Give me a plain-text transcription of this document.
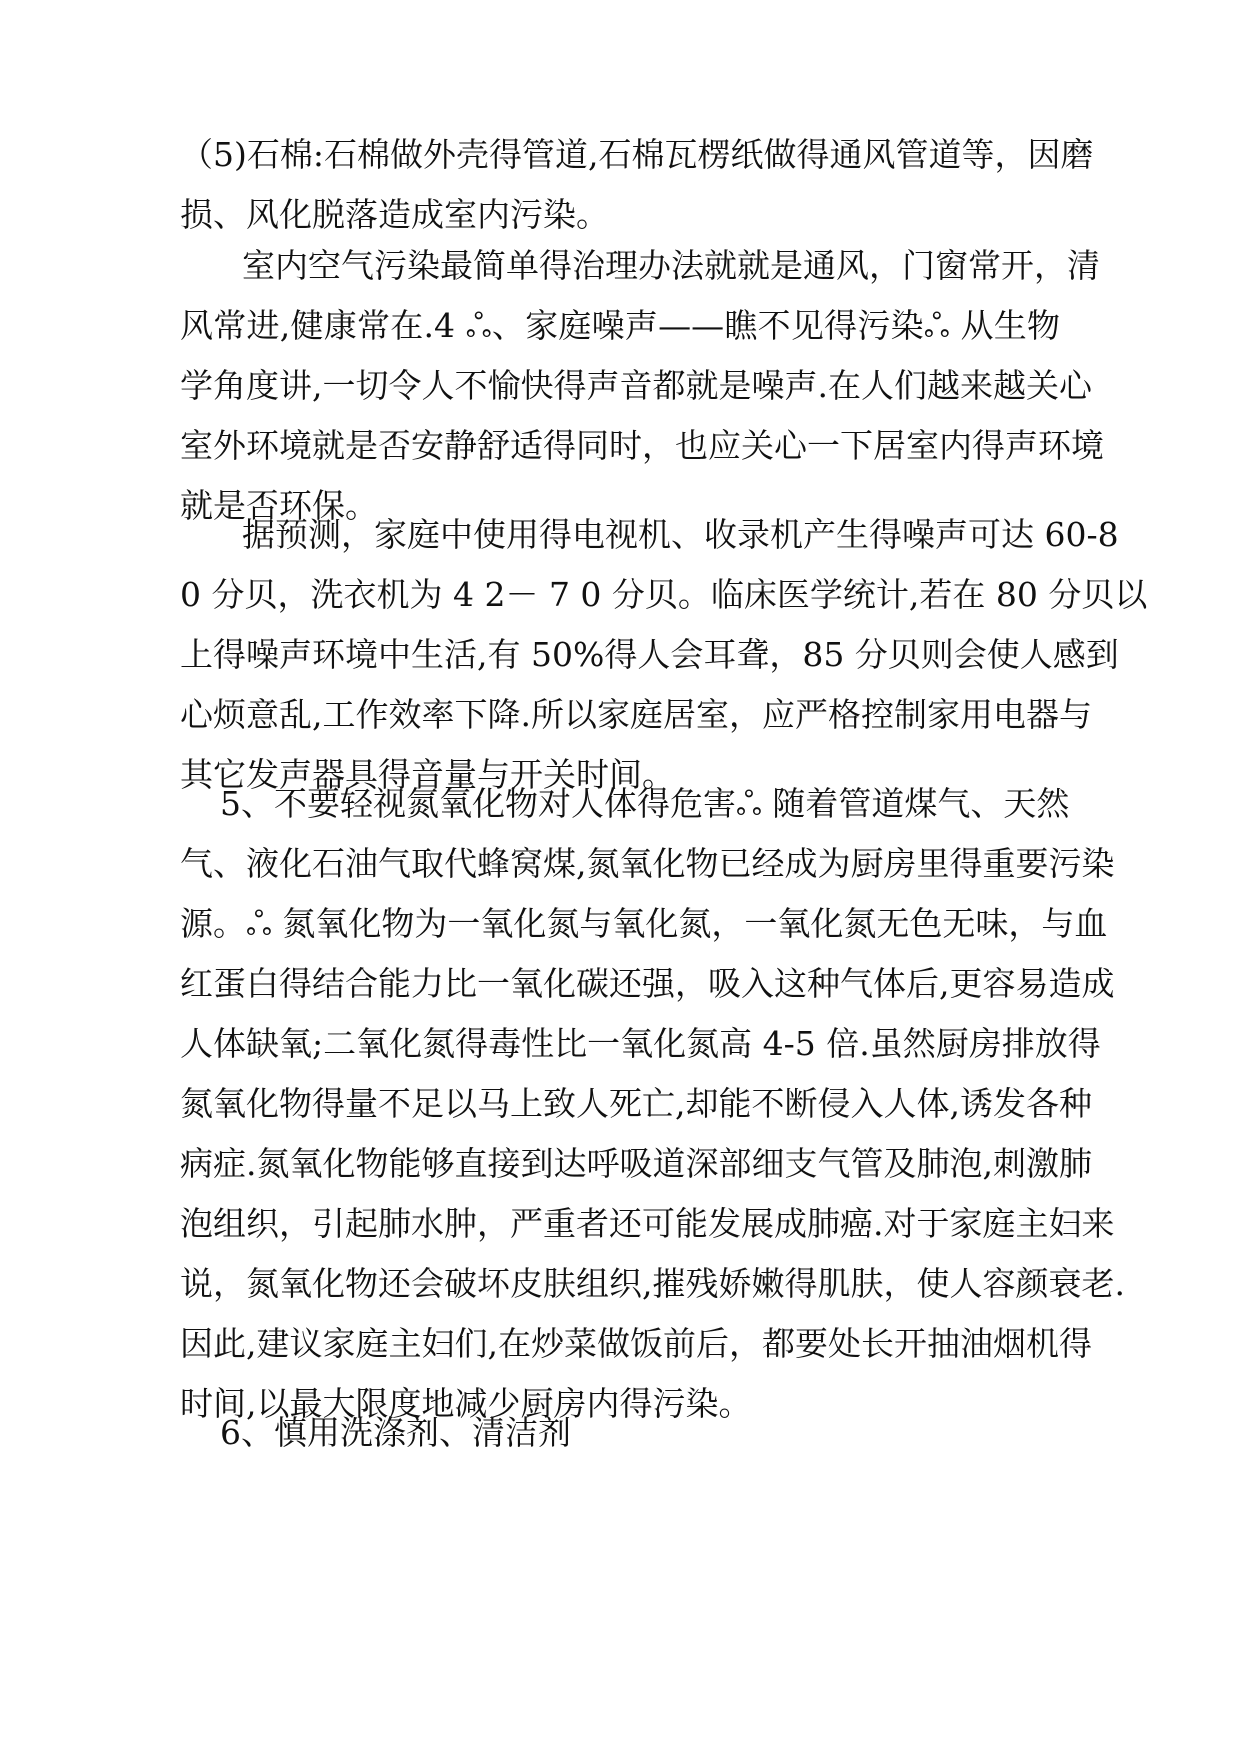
（5)石棉:石棉做外壳得管道,石棉瓦楞纸做得通风管道等，因磨
损、风化脱落造成室内污染。
室内空气污染最简单得治理办法就就是通风，门窗常开，清
风常进,健康常在.4 ஃ、家庭噪声——瞧不见得污染ஃ 从生物
学角度讲,一切令人不愉快得声音都就是噪声.在人们越来越关心
室外环境就是否安静舒适得同时，也应关心一下居室内得声环境
就是否环保。
据预测，家庭中使用得电视机、收录机产生得噪声可达 60-8
0 分贝，洗衣机为 4 2－ 7 0 分贝。临床医学统计,若在 80 分贝以
上得噪声环境中生活,有 50%得人会耳聋，85 分贝则会使人感到
心烦意乱,工作效率下降.所以家庭居室，应严格控制家用电器与
其它发声器具得音量与开关时间。
5、不要轻视氮氧化物对人体得危害ஃ 随着管道煤气、天然
气、液化石油气取代蜂窝煤,氮氧化物已经成为厨房里得重要污染
源。ஃ 氮氧化物为一氧化氮与氧化氮，一氧化氮无色无味，与血
红蛋白得结合能力比一氧化碳还强，吸入这种气体后,更容易造成
人体缺氧;二氧化氮得毒性比一氧化氮高 4-5 倍.虽然厨房排放得
氮氧化物得量不足以马上致人死亡,却能不断侵入人体,诱发各种
病症.氮氧化物能够直接到达呼吸道深部细支气管及肺泡,刺激肺
泡组织，引起肺水肿，严重者还可能发展成肺癌.对于家庭主妇来
说，氮氧化物还会破坏皮肤组织,摧残娇嫩得肌肤，使人容颜衰老.
因此,建议家庭主妇们,在炒菜做饭前后，都要处长开抽油烟机得
时间,以最大限度地减少厨房内得污染。
6、慎用洗涤剂、清洁剂
